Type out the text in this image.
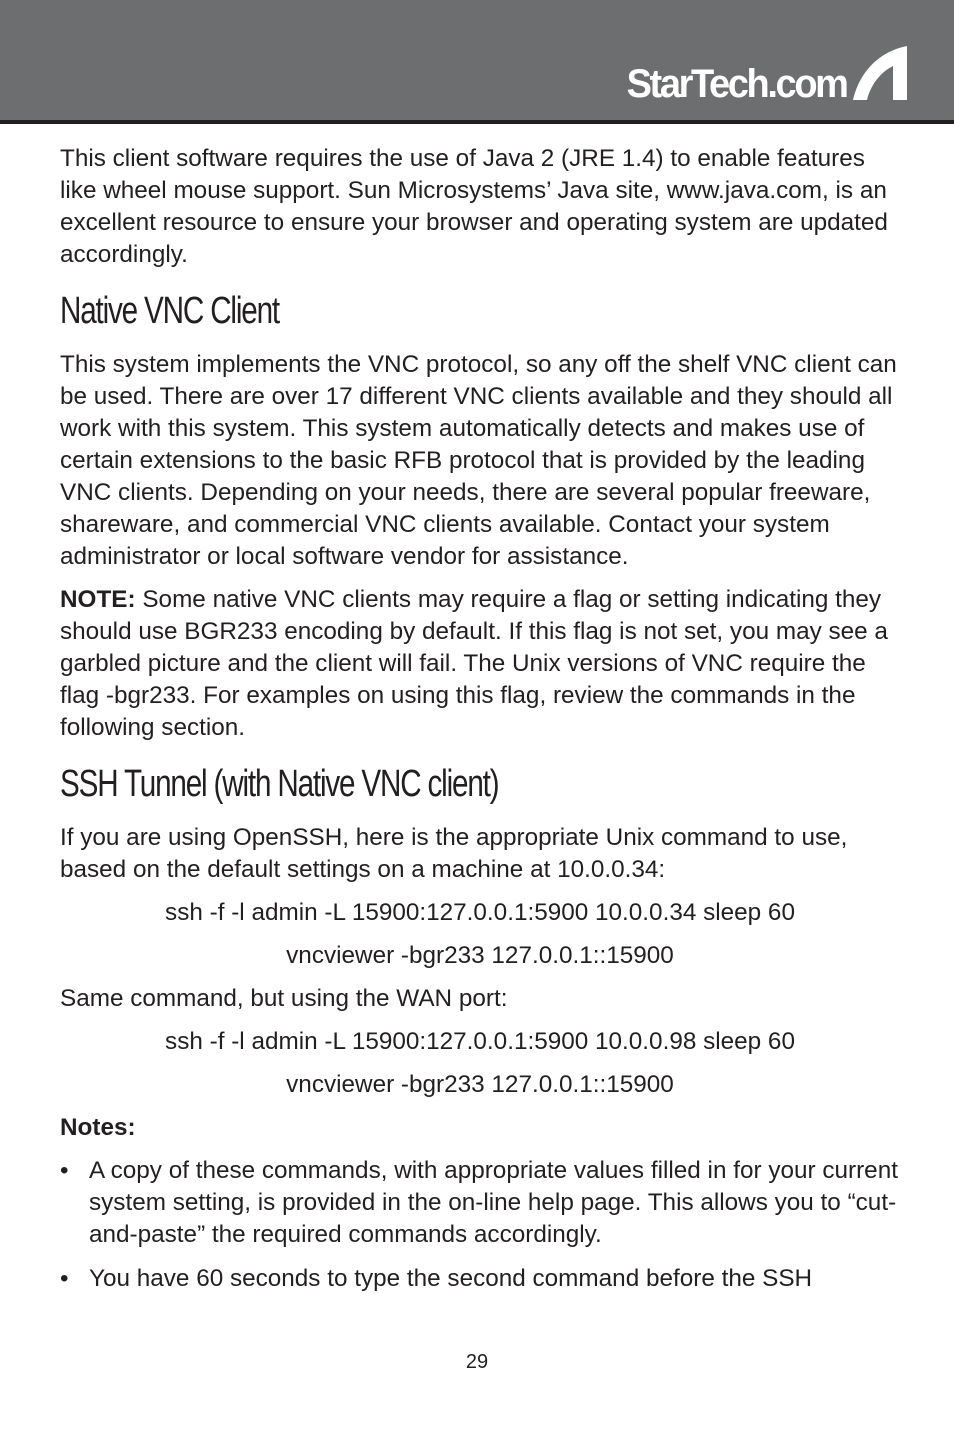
StarTech.com

This client software requires the use of Java 2 (JRE 1.4) to enable features like wheel mouse support. Sun Microsystems’ Java site, www.java.com, is an excellent resource to ensure your browser and operating system are updated accordingly.

Native VNC Client

This system implements the VNC protocol, so any off the shelf VNC client can be used. There are over 17 different VNC clients available and they should all work with this system. This system automatically detects and makes use of certain extensions to the basic RFB protocol that is provided by the leading VNC clients. Depending on your needs, there are several popular freeware, shareware, and commercial VNC clients available. Contact your system administrator or local software vendor for assistance.

NOTE: Some native VNC clients may require a flag or setting indicating they should use BGR233 encoding by default. If this flag is not set, you may see a garbled picture and the client will fail. The Unix versions of VNC require the flag -bgr233. For examples on using this flag, review the commands in the following section.

SSH Tunnel (with Native VNC client)

If you are using OpenSSH, here is the appropriate Unix command to use, based on the default settings on a machine at 10.0.0.34:

ssh -f -l admin -L 15900:127.0.0.1:5900 10.0.0.34 sleep 60
vncviewer -bgr233 127.0.0.1::15900

Same command, but using the WAN port:

ssh -f -l admin -L 15900:127.0.0.1:5900 10.0.0.98 sleep 60
vncviewer -bgr233 127.0.0.1::15900

Notes:

• A copy of these commands, with appropriate values filled in for your current system setting, is provided in the on-line help page. This allows you to “cut-and-paste” the required commands accordingly.
• You have 60 seconds to type the second command before the SSH
29
